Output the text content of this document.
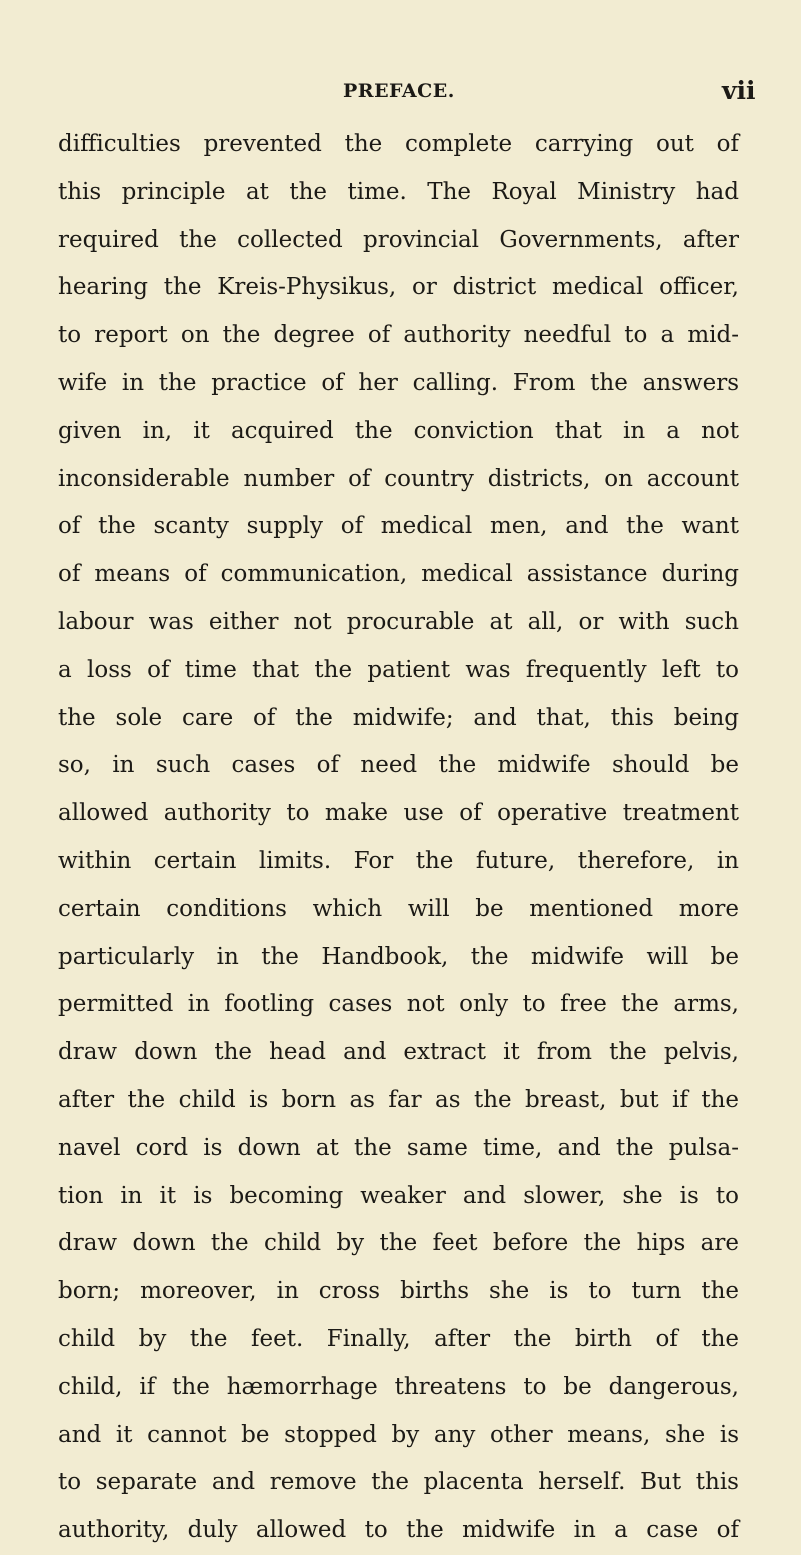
PREFACE.	vii
difficulties prevented the complete carrying out of
this principle at the time. The Royal Ministry had
required the collected provincial Governments, after
hearing the Kreis-Physikus, or district medical officer,
to report on the degree of authority needful to a mid-
wife in the practice of her calling. From the answers
given in, it acquired the conviction that in a not
inconsiderable number of country districts, on account
of the scanty supply of medical men, and the want
of means of communication, medical assistance during
labour was either not procurable at all, or with such
a loss of time that the patient was frequently left to
the sole care of the midwife; and that, this being
so, in such cases of need the midwife should be
allowed authority to make use of operative treatment
within certain limits. For the future, therefore, in
certain conditions which will be mentioned more
particularly in the Handbook, the midwife will be
permitted in footling cases not only to free the arms,
draw down the head and extract it from the pelvis,
after the child is born as far as the breast, but if the
navel cord is down at the same time, and the pulsa-
tion in it is becoming weaker and slower, she is to
draw down the child by the feet before the hips are
born; moreover, in cross births she is to turn the
child by the feet. Finally, after the birth of the
child, if the hæmorrhage threatens to be dangerous,
and it cannot be stopped by any other means, she is
to separate and remove the placenta herself. But this
authority, duly allowed to the midwife in a case of
